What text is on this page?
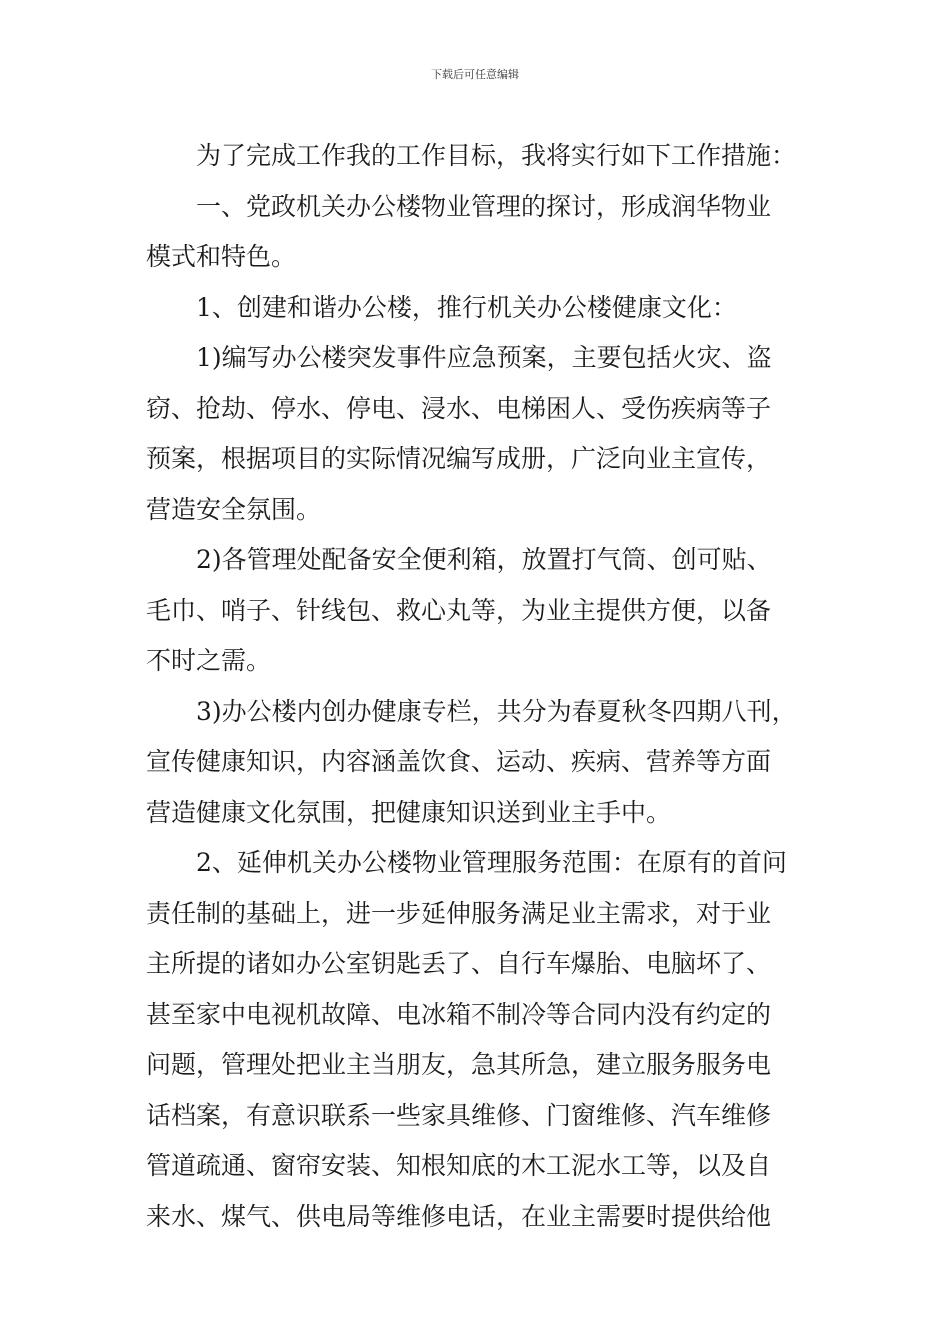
下载后可任意编辑

为了完成工作我的工作目标，我将实行如下工作措施：

一、党政机关办公楼物业管理的探讨，形成润华物业
模式和特色。

1、创建和谐办公楼，推行机关办公楼健康文化：

1)编写办公楼突发事件应急预案，主要包括火灾、盗
窃、抢劫、停水、停电、浸水、电梯困人、受伤疾病等子
预案，根据项目的实际情况编写成册，广泛向业主宣传，
营造安全氛围。

2)各管理处配备安全便利箱，放置打气筒、创可贴、
毛巾、哨子、针线包、救心丸等，为业主提供方便，以备
不时之需。

3)办公楼内创办健康专栏，共分为春夏秋冬四期八刊，
宣传健康知识，内容涵盖饮食、运动、疾病、营养等方面
营造健康文化氛围，把健康知识送到业主手中。

2、延伸机关办公楼物业管理服务范围：在原有的首问
责任制的基础上，进一步延伸服务满足业主需求，对于业
主所提的诸如办公室钥匙丢了、自行车爆胎、电脑坏了、
甚至家中电视机故障、电冰箱不制冷等合同内没有约定的
问题，管理处把业主当朋友，急其所急，建立服务服务电
话档案，有意识联系一些家具维修、门窗维修、汽车维修
管道疏通、窗帘安装、知根知底的木工泥水工等，以及自
来水、煤气、供电局等维修电话，在业主需要时提供给他
